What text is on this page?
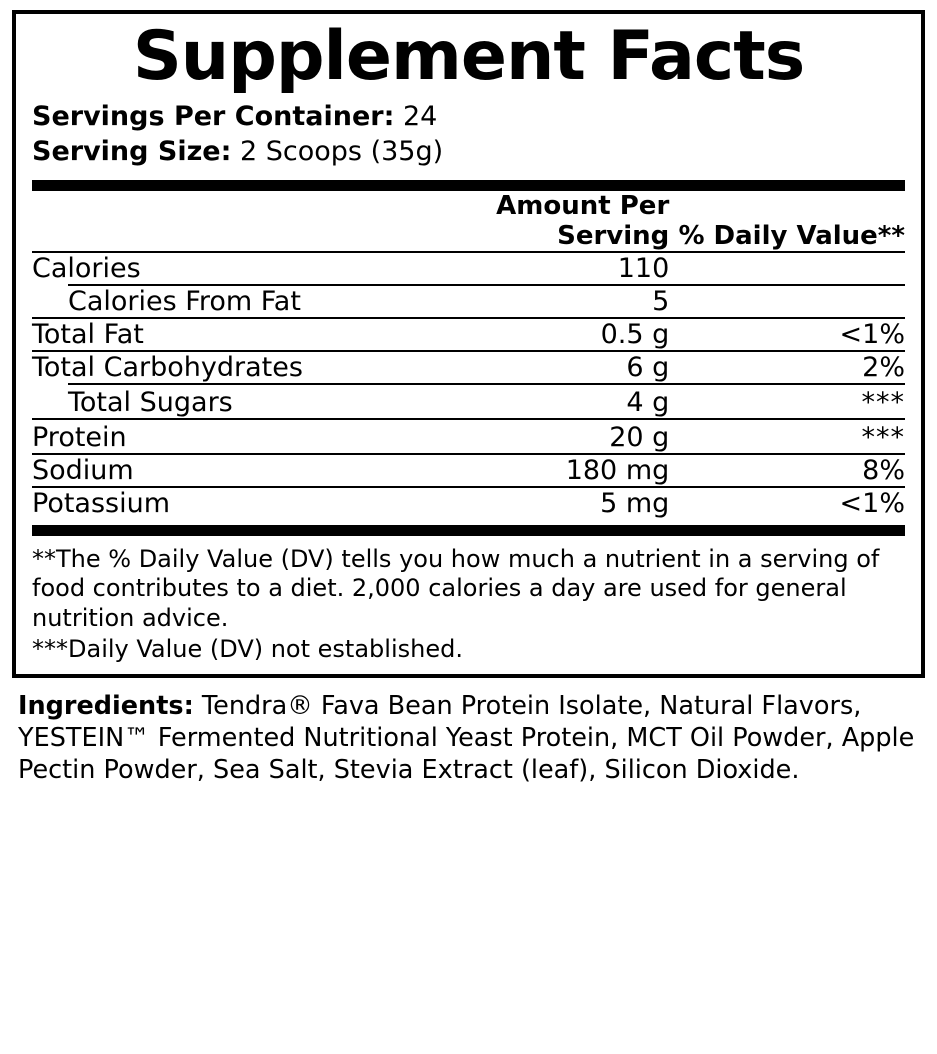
Supplement Facts
Servings Per Container: 24
Serving Size: 2 Scoops (35g)
	Amount Per Serving	% Daily Value**

Calories	110	

Calories From Fat	5	

Total Fat	0.5 g	<1%

Total Carbohydrates	6 g	2%

Total Sugars	4 g	***

Protein	20 g	***

Sodium	180 mg	8%

Potassium	5 mg	<1%

**The % Daily Value (DV) tells you how much a nutrient in a serving of food contributes to a diet. 2,000 calories a day are used for general nutrition advice.

***Daily Value (DV) not established.

Ingredients: Tendra® Fava Bean Protein Isolate, Natural Flavors, YESTEIN™ Fermented Nutritional Yeast Protein, MCT Oil Powder, Apple Pectin Powder, Sea Salt, Stevia Extract (leaf), Silicon Dioxide.
